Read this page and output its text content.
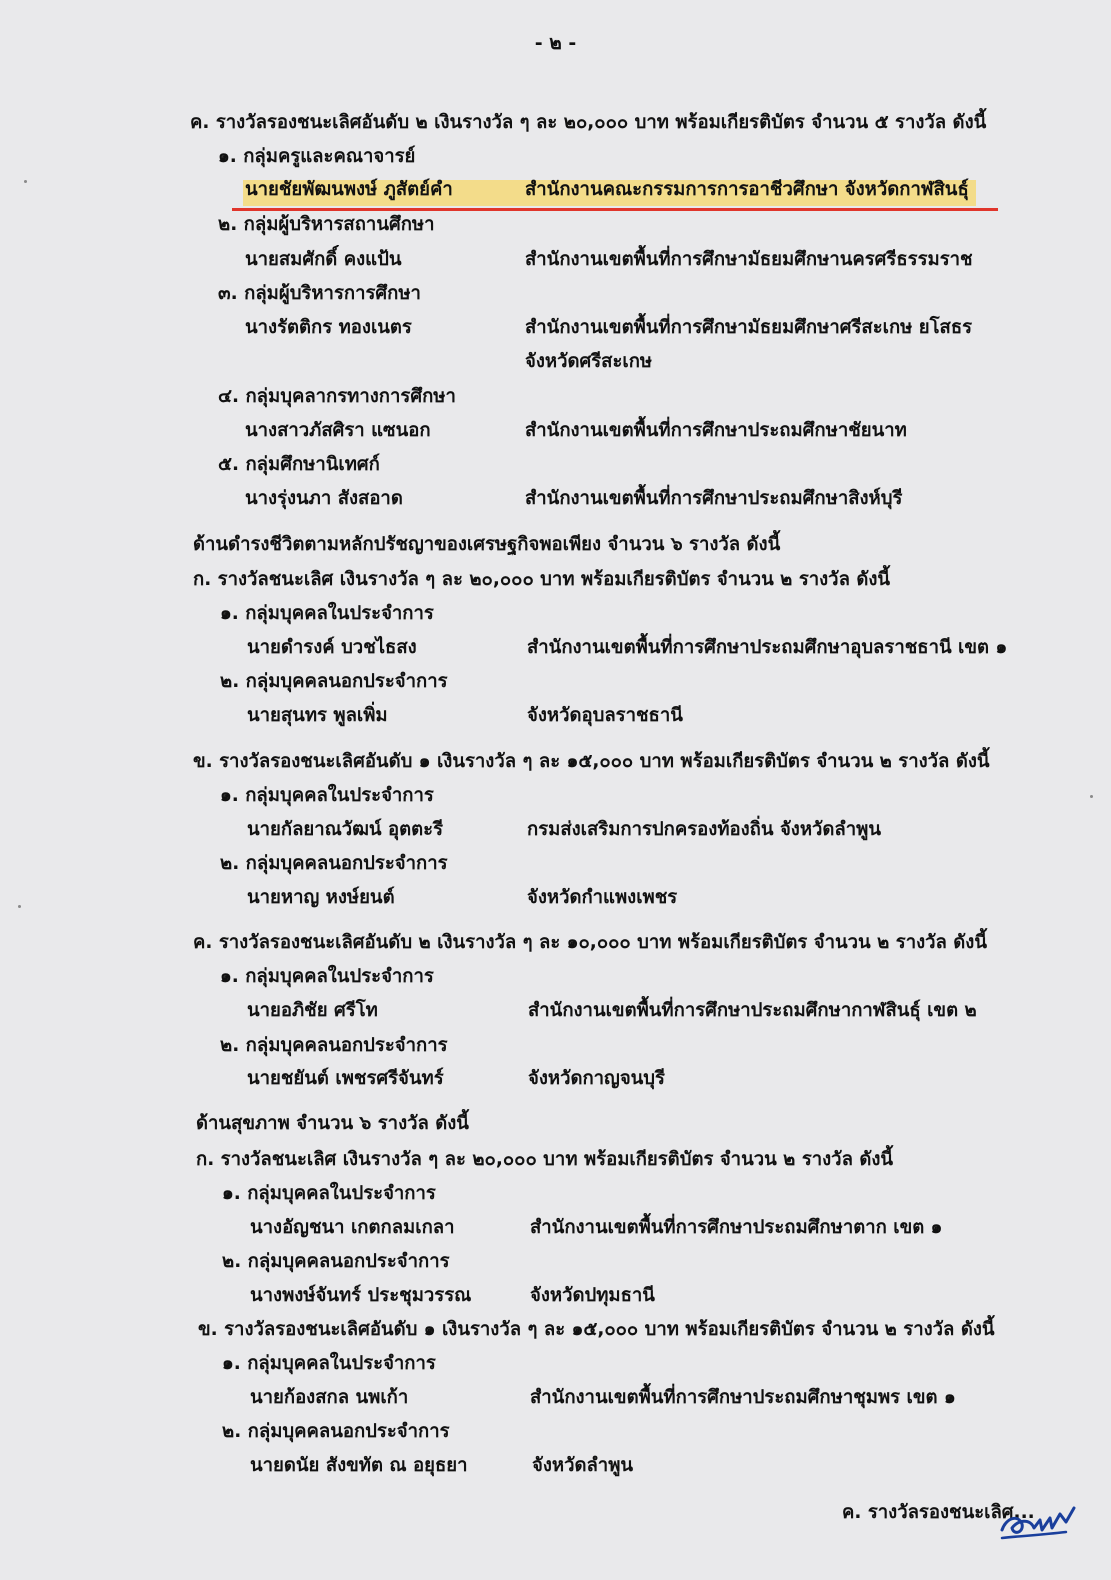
- ๒ -
ค. รางวัลรองชนะเลิศอันดับ ๒ เงินรางวัล ๆ ละ ๒๐,๐๐๐ บาท พร้อมเกียรติบัตร จำนวน ๕ รางวัล ดังนี้
๑. กลุ่มครูและคณาจารย์
นายชัยพัฒนพงษ์ ภูสัตย์คำ	สำนักงานคณะกรรมการการอาชีวศึกษา จังหวัดกาฬสินธุ์
๒. กลุ่มผู้บริหารสถานศึกษา
นายสมศักดิ์ คงแป้น	สำนักงานเขตพื้นที่การศึกษามัธยมศึกษานครศรีธรรมราช
๓. กลุ่มผู้บริหารการศึกษา
นางรัตติกร ทองเนตร	สำนักงานเขตพื้นที่การศึกษามัธยมศึกษาศรีสะเกษ ยโสธร
จังหวัดศรีสะเกษ
๔. กลุ่มบุคลากรทางการศึกษา
นางสาวภัสศิรา แซนอก	สำนักงานเขตพื้นที่การศึกษาประถมศึกษาชัยนาท
๕. กลุ่มศึกษานิเทศก์
นางรุ่งนภา สังสอาด	สำนักงานเขตพื้นที่การศึกษาประถมศึกษาสิงห์บุรี
ด้านดำรงชีวิตตามหลักปรัชญาของเศรษฐกิจพอเพียง จำนวน ๖ รางวัล ดังนี้
ก. รางวัลชนะเลิศ เงินรางวัล ๆ ละ ๒๐,๐๐๐ บาท พร้อมเกียรติบัตร จำนวน ๒ รางวัล ดังนี้
๑. กลุ่มบุคคลในประจำการ
นายดำรงค์ บวชไธสง	สำนักงานเขตพื้นที่การศึกษาประถมศึกษาอุบลราชธานี เขต ๑
๒. กลุ่มบุคคลนอกประจำการ
นายสุนทร พูลเพิ่ม	จังหวัดอุบลราชธานี
ข. รางวัลรองชนะเลิศอันดับ ๑ เงินรางวัล ๆ ละ ๑๕,๐๐๐ บาท พร้อมเกียรติบัตร จำนวน ๒ รางวัล ดังนี้
๑. กลุ่มบุคคลในประจำการ
นายกัลยาณวัฒน์ อุตตะรี	กรมส่งเสริมการปกครองท้องถิ่น จังหวัดลำพูน
๒. กลุ่มบุคคลนอกประจำการ
นายหาญ หงษ์ยนต์	จังหวัดกำแพงเพชร
ค. รางวัลรองชนะเลิศอันดับ ๒ เงินรางวัล ๆ ละ ๑๐,๐๐๐ บาท พร้อมเกียรติบัตร จำนวน ๒ รางวัล ดังนี้
๑. กลุ่มบุคคลในประจำการ
นายอภิชัย ศรีโท	สำนักงานเขตพื้นที่การศึกษาประถมศึกษากาฬสินธุ์ เขต ๒
๒. กลุ่มบุคคลนอกประจำการ
นายชยันต์ เพชรศรีจันทร์	จังหวัดกาญจนบุรี
ด้านสุขภาพ จำนวน ๖ รางวัล ดังนี้
ก. รางวัลชนะเลิศ เงินรางวัล ๆ ละ ๒๐,๐๐๐ บาท พร้อมเกียรติบัตร จำนวน ๒ รางวัล ดังนี้
๑. กลุ่มบุคคลในประจำการ
นางอัญชนา เกตกลมเกลา	สำนักงานเขตพื้นที่การศึกษาประถมศึกษาตาก เขต ๑
๒. กลุ่มบุคคลนอกประจำการ
นางพงษ์จันทร์ ประชุมวรรณ	จังหวัดปทุมธานี
ข. รางวัลรองชนะเลิศอันดับ ๑ เงินรางวัล ๆ ละ ๑๕,๐๐๐ บาท พร้อมเกียรติบัตร จำนวน ๒ รางวัล ดังนี้
๑. กลุ่มบุคคลในประจำการ
นายก้องสกล นพเก้า	สำนักงานเขตพื้นที่การศึกษาประถมศึกษาชุมพร เขต ๑
๒. กลุ่มบุคคลนอกประจำการ
นายดนัย สังขทัต ณ อยุธยา	จังหวัดลำพูน
ค. รางวัลรองชนะเลิศ...
